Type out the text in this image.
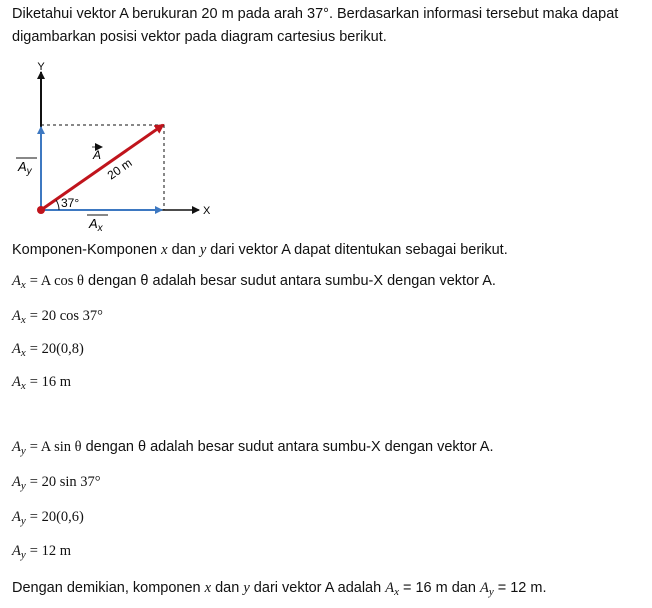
Diketahui vektor A berukuran 20 m pada arah 37°. Berdasarkan informasi tersebut maka dapat
digambarkan posisi vektor pada diagram cartesius berikut.
Y
X
37°
A
20 m
$A_y$
$A_x$
Komponen-Komponen x dan y dari vektor A dapat ditentukan sebagai berikut.
$A_x = A$ cos θ dengan θ adalah besar sudut antara sumbu-X dengan vektor A.
$A_x = 20$ cos 37°
$A_x = 20(0,8)$
$A_x = 16$ m
$A_y = A$ sin θ dengan θ adalah besar sudut antara sumbu-X dengan vektor A.
$A_y = 20$ sin 37°
$A_y = 20(0,6)$
$A_y = 12$ m
Dengan demikian, komponen x dan y dari vektor A adalah $A_x = 16$ m dan $A_y = 12$ m.
